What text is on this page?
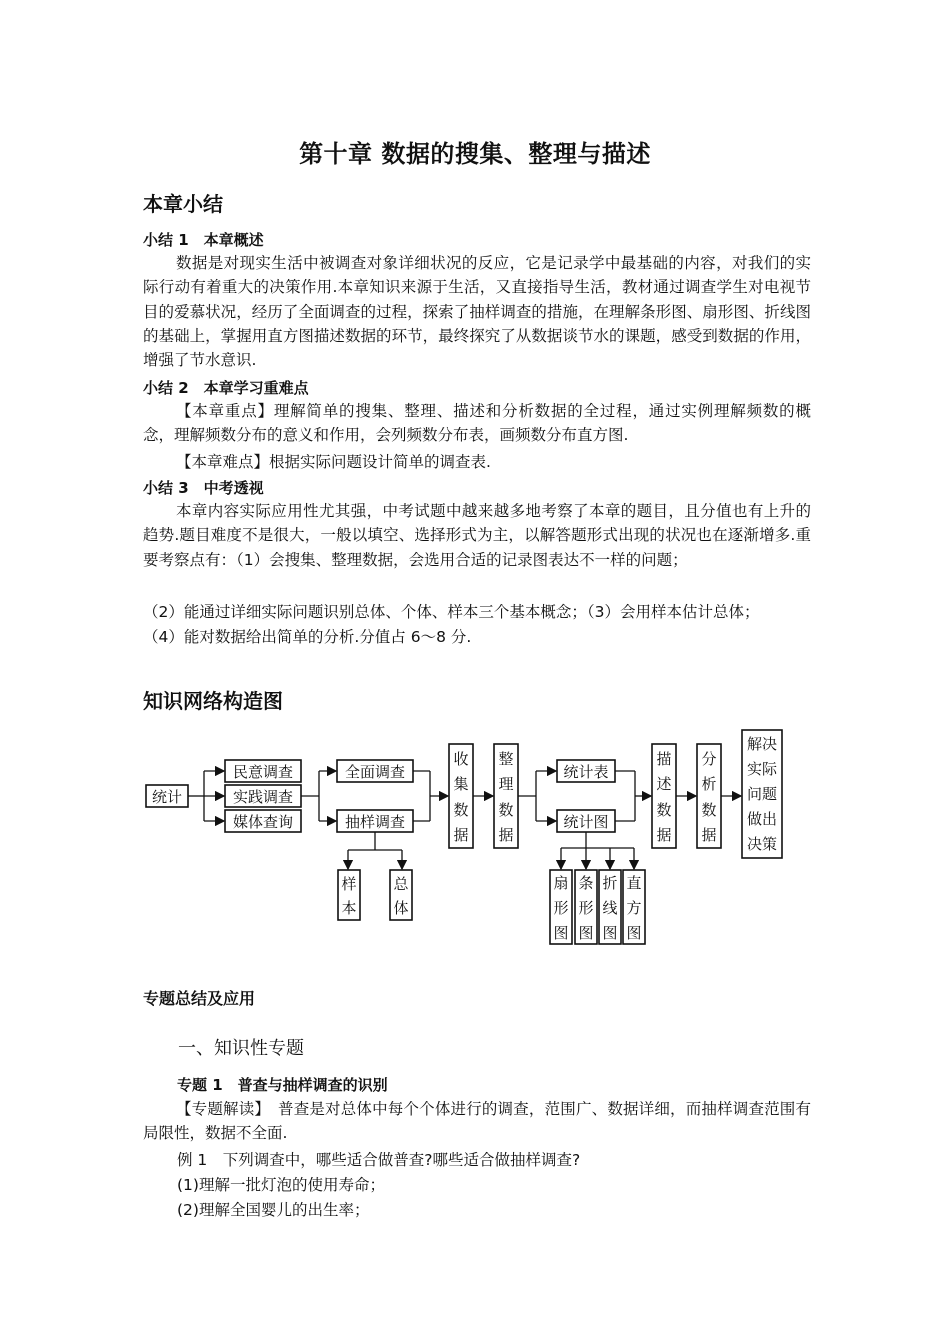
第十章 数据的搜集、整理与描述
本章小结
小结 1　本章概述

数据是对现实生活中被调查对象详细状况的反应，它是记录学中最基础的内容，对我们的实际行动有着重大的决策作用.本章知识来源于生活，又直接指导生活，教材通过调查学生对电视节目的爱慕状况，经历了全面调查的过程，探索了抽样调查的措施，在理解条形图、扇形图、折线图的基础上，掌握用直方图描述数据的环节，最终探究了从数据谈节水的课题，感受到数据的作用，增强了节水意识.

小结 2　本章学习重难点

【本章重点】理解简单的搜集、整理、描述和分析数据的全过程，通过实例理解频数的概念，理解频数分布的意义和作用，会列频数分布表，画频数分布直方图.

【本章难点】根据实际问题设计简单的调查表.

小结 3　中考透视

本章内容实际应用性尤其强，中考试题中越来越多地考察了本章的题目，且分值也有上升的趋势.题目难度不是很大，一般以填空、选择形式为主，以解答题形式出现的状况也在逐渐增多.重要考察点有：（1）会搜集、整理数据，会选用合适的记录图表达不一样的问题；

（2）能通过详细实际问题识别总体、个体、样本三个基本概念；（3）会用样本估计总体；
（4）能对数据给出简单的分析.分值占 6～8 分.
知识网络构造图
统计
民意调查
实践调查
媒体查询
全面调查
抽样调查
样
本
总
体
收
集
数
据
整
理
数
据
统计表
统计图
扇
形
图
条
形
图
折
线
图
直
方
图
描
述
数
据
分
析
数
据
解决
实际
问题
做出
决策
专题总结及应用
一、知识性专题
专题 1　普查与抽样调查的识别

【专题解读】　普查是对总体中每个个体进行的调查，范围广、数据详细，而抽样调查范围有局限性，数据不全面.

例 1　下列调查中，哪些适合做普查?哪些适合做抽样调查?
(1)理解一批灯泡的使用寿命；
(2)理解全国婴儿的出生率；
